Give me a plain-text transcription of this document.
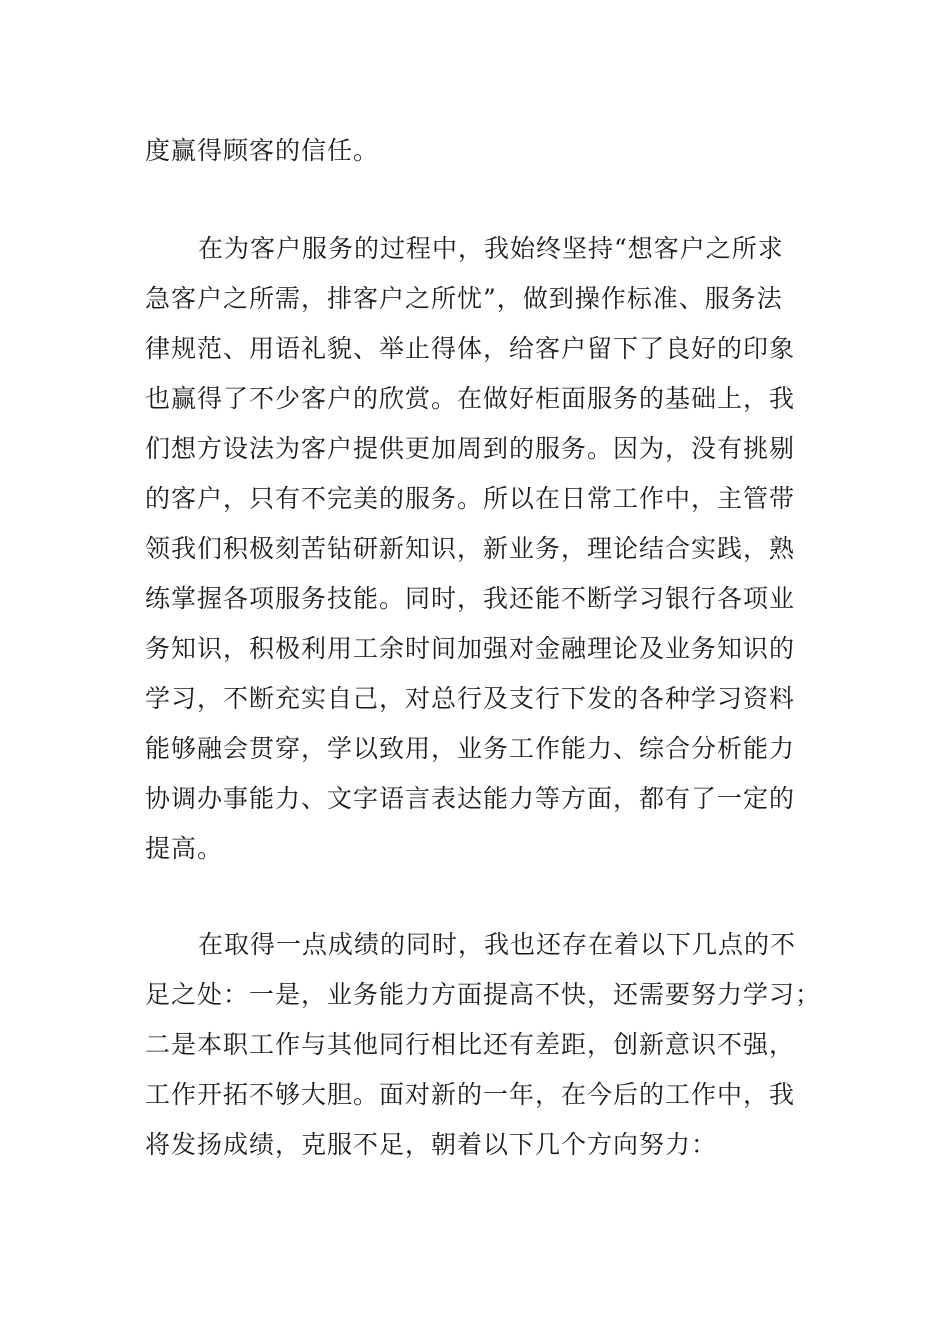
度赢得顾客的信任。
在为客户服务的过程中，我始终坚持“想客户之所求
急客户之所需，排客户之所忧”，做到操作标准、服务法
律规范、用语礼貌、举止得体，给客户留下了良好的印象
也赢得了不少客户的欣赏。在做好柜面服务的基础上，我
们想方设法为客户提供更加周到的服务。因为，没有挑剔
的客户，只有不完美的服务。所以在日常工作中，主管带
领我们积极刻苦钻研新知识，新业务，理论结合实践，熟
练掌握各项服务技能。同时，我还能不断学习银行各项业
务知识，积极利用工余时间加强对金融理论及业务知识的
学习，不断充实自己，对总行及支行下发的各种学习资料
能够融会贯穿，学以致用，业务工作能力、综合分析能力
协调办事能力、文字语言表达能力等方面，都有了一定的
提高。
在取得一点成绩的同时，我也还存在着以下几点的不
足之处：一是，业务能力方面提高不快，还需要努力学习；
二是本职工作与其他同行相比还有差距，创新意识不强，
工作开拓不够大胆。面对新的一年，在今后的工作中，我
将发扬成绩，克服不足，朝着以下几个方向努力：
